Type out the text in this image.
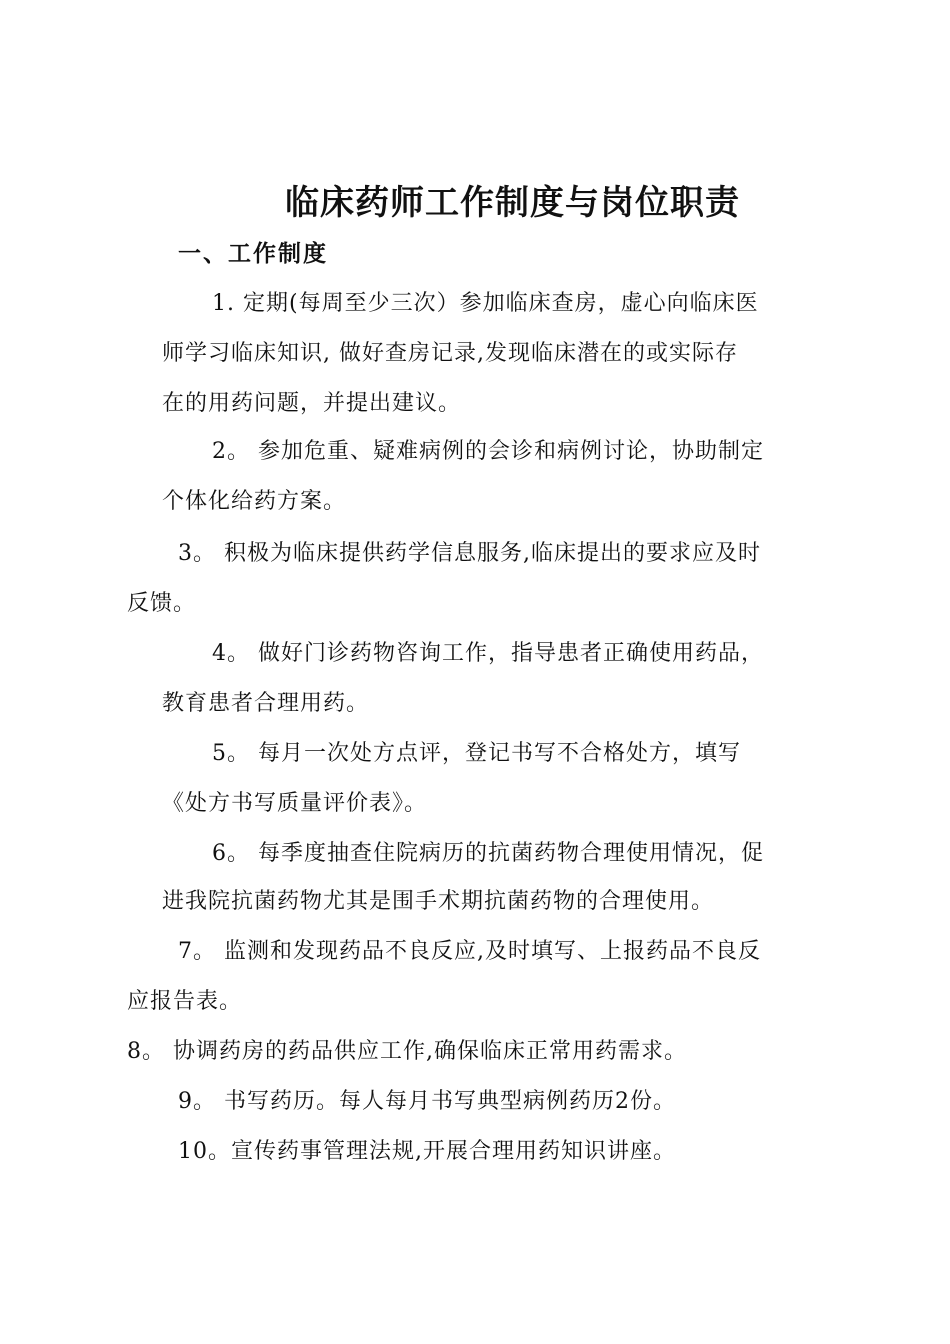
临床药师工作制度与岗位职责
一、工作制度
1. 定期(每周至少三次）参加临床查房，虚心向临床医
师学习临床知识, 做好查房记录,发现临床潜在的或实际存
在的用药问题，并提出建议。
2。 参加危重、疑难病例的会诊和病例讨论，协助制定
个体化给药方案。
3。 积极为临床提供药学信息服务,临床提出的要求应及时
反馈。
4。 做好门诊药物咨询工作，指导患者正确使用药品，
教育患者合理用药。
5。 每月一次处方点评，登记书写不合格处方，填写
《处方书写质量评价表》。
6。 每季度抽查住院病历的抗菌药物合理使用情况，促
进我院抗菌药物尤其是围手术期抗菌药物的合理使用。
7。 监测和发现药品不良反应,及时填写、上报药品不良反
应报告表。
8。 协调药房的药品供应工作,确保临床正常用药需求。
9。 书写药历。每人每月书写典型病例药历2份。
10。宣传药事管理法规,开展合理用药知识讲座。
